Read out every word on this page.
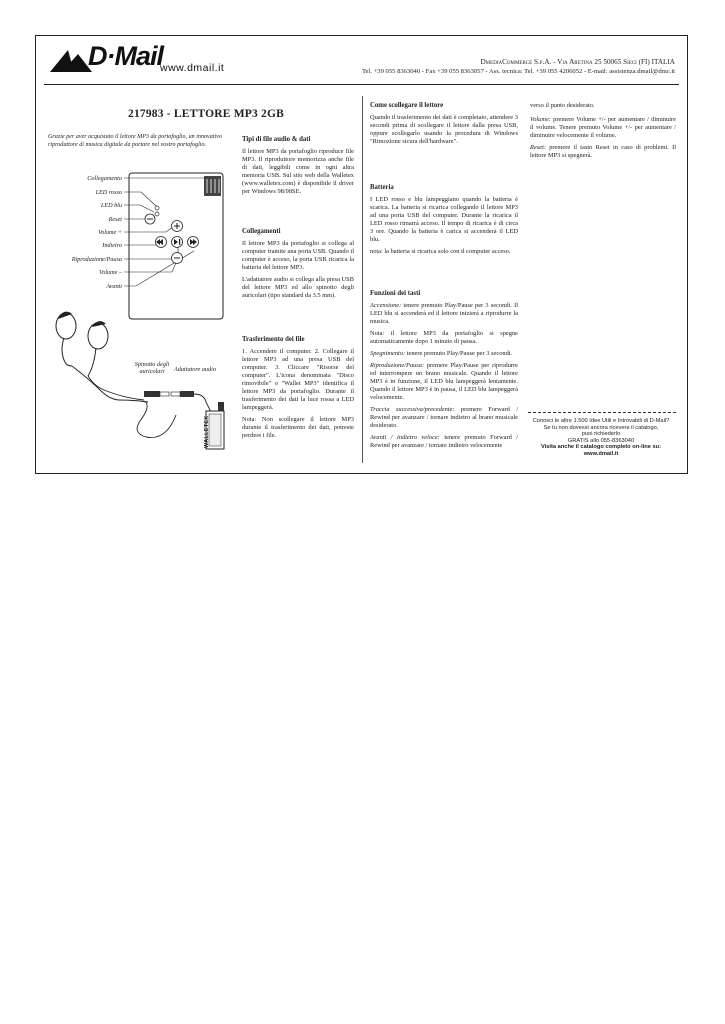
D·Mail
www.dmail.it	DmediaCommerce S.p.A. - Via Aretina 25 50065 Sieci (FI) ITALIA
Tel. +39 055 8363040 - Fax +39 055 8363057 - Ass. tecnica: Tel. +39 055 4206052 - E-mail: assistenza.dmail@dmc.it
217983 - LETTORE MP3 2GB
Grazie per aver acquistato il lettore MP3 da portafoglio, un innovativo riproduttore di musica digitale da portare nel vostro portafoglio.
Collegamento
LED rosso
LED blu
Reset
Volume +
Indietro
Riproduzione/Pausa
Volume –
Avanti
WALLETEX
Spinotto degli auricolari	Adattatore audio
Tipi di file audio & dati

Il lettore MP3 da portafoglio riproduce file MP3. Il riproduttore memorizza anche file di dati, leggibili come in ogni altra memoria USB. Sul sito web della Walletex (www.walletex.com) è disponibile il driver per Windows 98/98SE.

Collegamenti

Il lettore MP3 da portafoglio si collega al computer tramite ana porta USB. Quando il computer è acceso, la porta USB ricarica la batteria del lettore MP3.

L'adattatore audio si collega alla presa USB del lettore MP3 ed allo spinotto degli auricolari (tipo standard da 3.5 mm).

Trasferimento dei file

1. Accendere il computer. 2. Collegare il lettore MP3 ad una presa USB del computer. 3. Cliccare "Risorse del computer". L'icona denominata "Disco rimovibile" o "Wallet MP3" identifica il lettore MP3 da portafoglio. Durante il trasferimento dei dati la luce rossa a LED lampeggerà.

Nota: Non scollegare il lettore MP3 durante il trasferimento dei dati, potreste perdere i file.

Come scollegare il lettore

Quando il trasferimento dei dati è completato, attendere 3 secondi prima di scollegare il lettore dalla presa USB, oppure scollegarlo usando la procedura di Windows "Rimozione sicura dell'hardware".

Batteria

I LED rosso e blu lampeggiano quando la batteria è scarica. La batteria si ricarica collegando il lettore MP3 ad una porta USB del computer. Durante la ricarica il LED rosso rimarrà acceso. Il tempo di ricarica è di circa 3 ore. Quando la batteria è carica si accenderà il LED blu.

nota: la batteria si ricarica solo con il computer acceso.

Funzioni dei tasti

Accensione: tenere premuto Play/Pause per 3 secondi. Il LED blu si accenderà ed il lettore inizierà a riprodurre la musica.

Nota: il lettore MP3 da portafoglio si spegne automaticamente dopo 1 minuto di pausa.

Spegnimento: tenere premuto Play/Pause per 3 secondi.

Riproduzione/Pausa: premere Play/Pause per riprodurre ed interrompere un brano musicale. Quando il lettore MP3 è in funzione, il LED blu lampeggerà lentamente. Quando il lettore MP3 è in pausa, il LED blu lampeggerà velocemente.

Traccia successiva/precedente: premere Forward / Rewind per avanzare / tornare indietro al brano musicale desiderato.

Avanti / indietro veloce: tenere premuto Forward / Rewind per avanzare / tornare indietro velocemente

verso il punto desiderato.

Volume: premere Volume +/- per aumentare / diminuire il volume. Tenere premuto Volume +/- per aumentare / diminuire velocemente il volume.

Reset: premere il tasto Reset in caso di problemi. Il lettore MP3 si spegnerà.

Conosci le altre 1.500 Idee Utili e Introvabili di D-Mail?
Se tu non dovessi ancora ricevere il catalogo,
puoi richiederlo
GRATIS allo 055-8363040
Visita anche il catalogo completo on-line su:
www.dmail.it
